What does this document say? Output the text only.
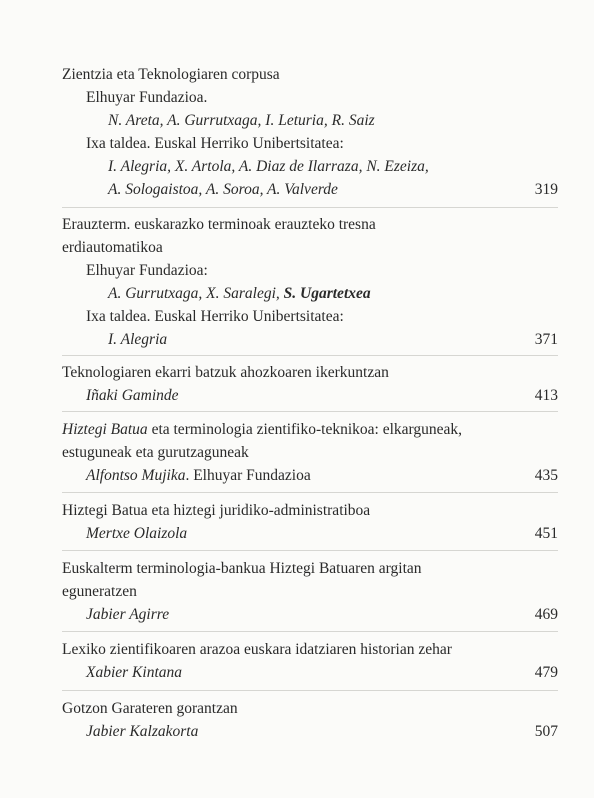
Zientzia eta Teknologiaren corpusa
Elhuyar Fundazioa.
N. Areta, A. Gurrutxaga, I. Leturia, R. Saiz
Ixa taldea. Euskal Herriko Unibertsitatea:
I. Alegria, X. Artola, A. Diaz de Ilarraza, N. Ezeiza,
A. Sologaistoa, A. Soroa, A. Valverde	319
Erauzterm. euskarazko terminoak erauzteko tresna
erdiautomatikoa
Elhuyar Fundazioa:
A. Gurrutxaga, X. Saralegi, S. Ugartetxea
Ixa taldea. Euskal Herriko Unibertsitatea:
I. Alegria	371
Teknologiaren ekarri batzuk ahozkoaren ikerkuntzan
Iñaki Gaminde	413
Hiztegi Batua eta terminologia zientifiko-teknikoa: elkarguneak,
estuguneak eta gurutzaguneak
Alfontso Mujika. Elhuyar Fundazioa	435
Hiztegi Batua eta hiztegi juridiko-administratiboa
Mertxe Olaizola	451
Euskalterm terminologia-bankua Hiztegi Batuaren argitan
eguneratzen
Jabier Agirre	469
Lexiko zientifikoaren arazoa euskara idatziaren historian zehar
Xabier Kintana	479
Gotzon Garateren gorantzan
Jabier Kalzakorta	507
